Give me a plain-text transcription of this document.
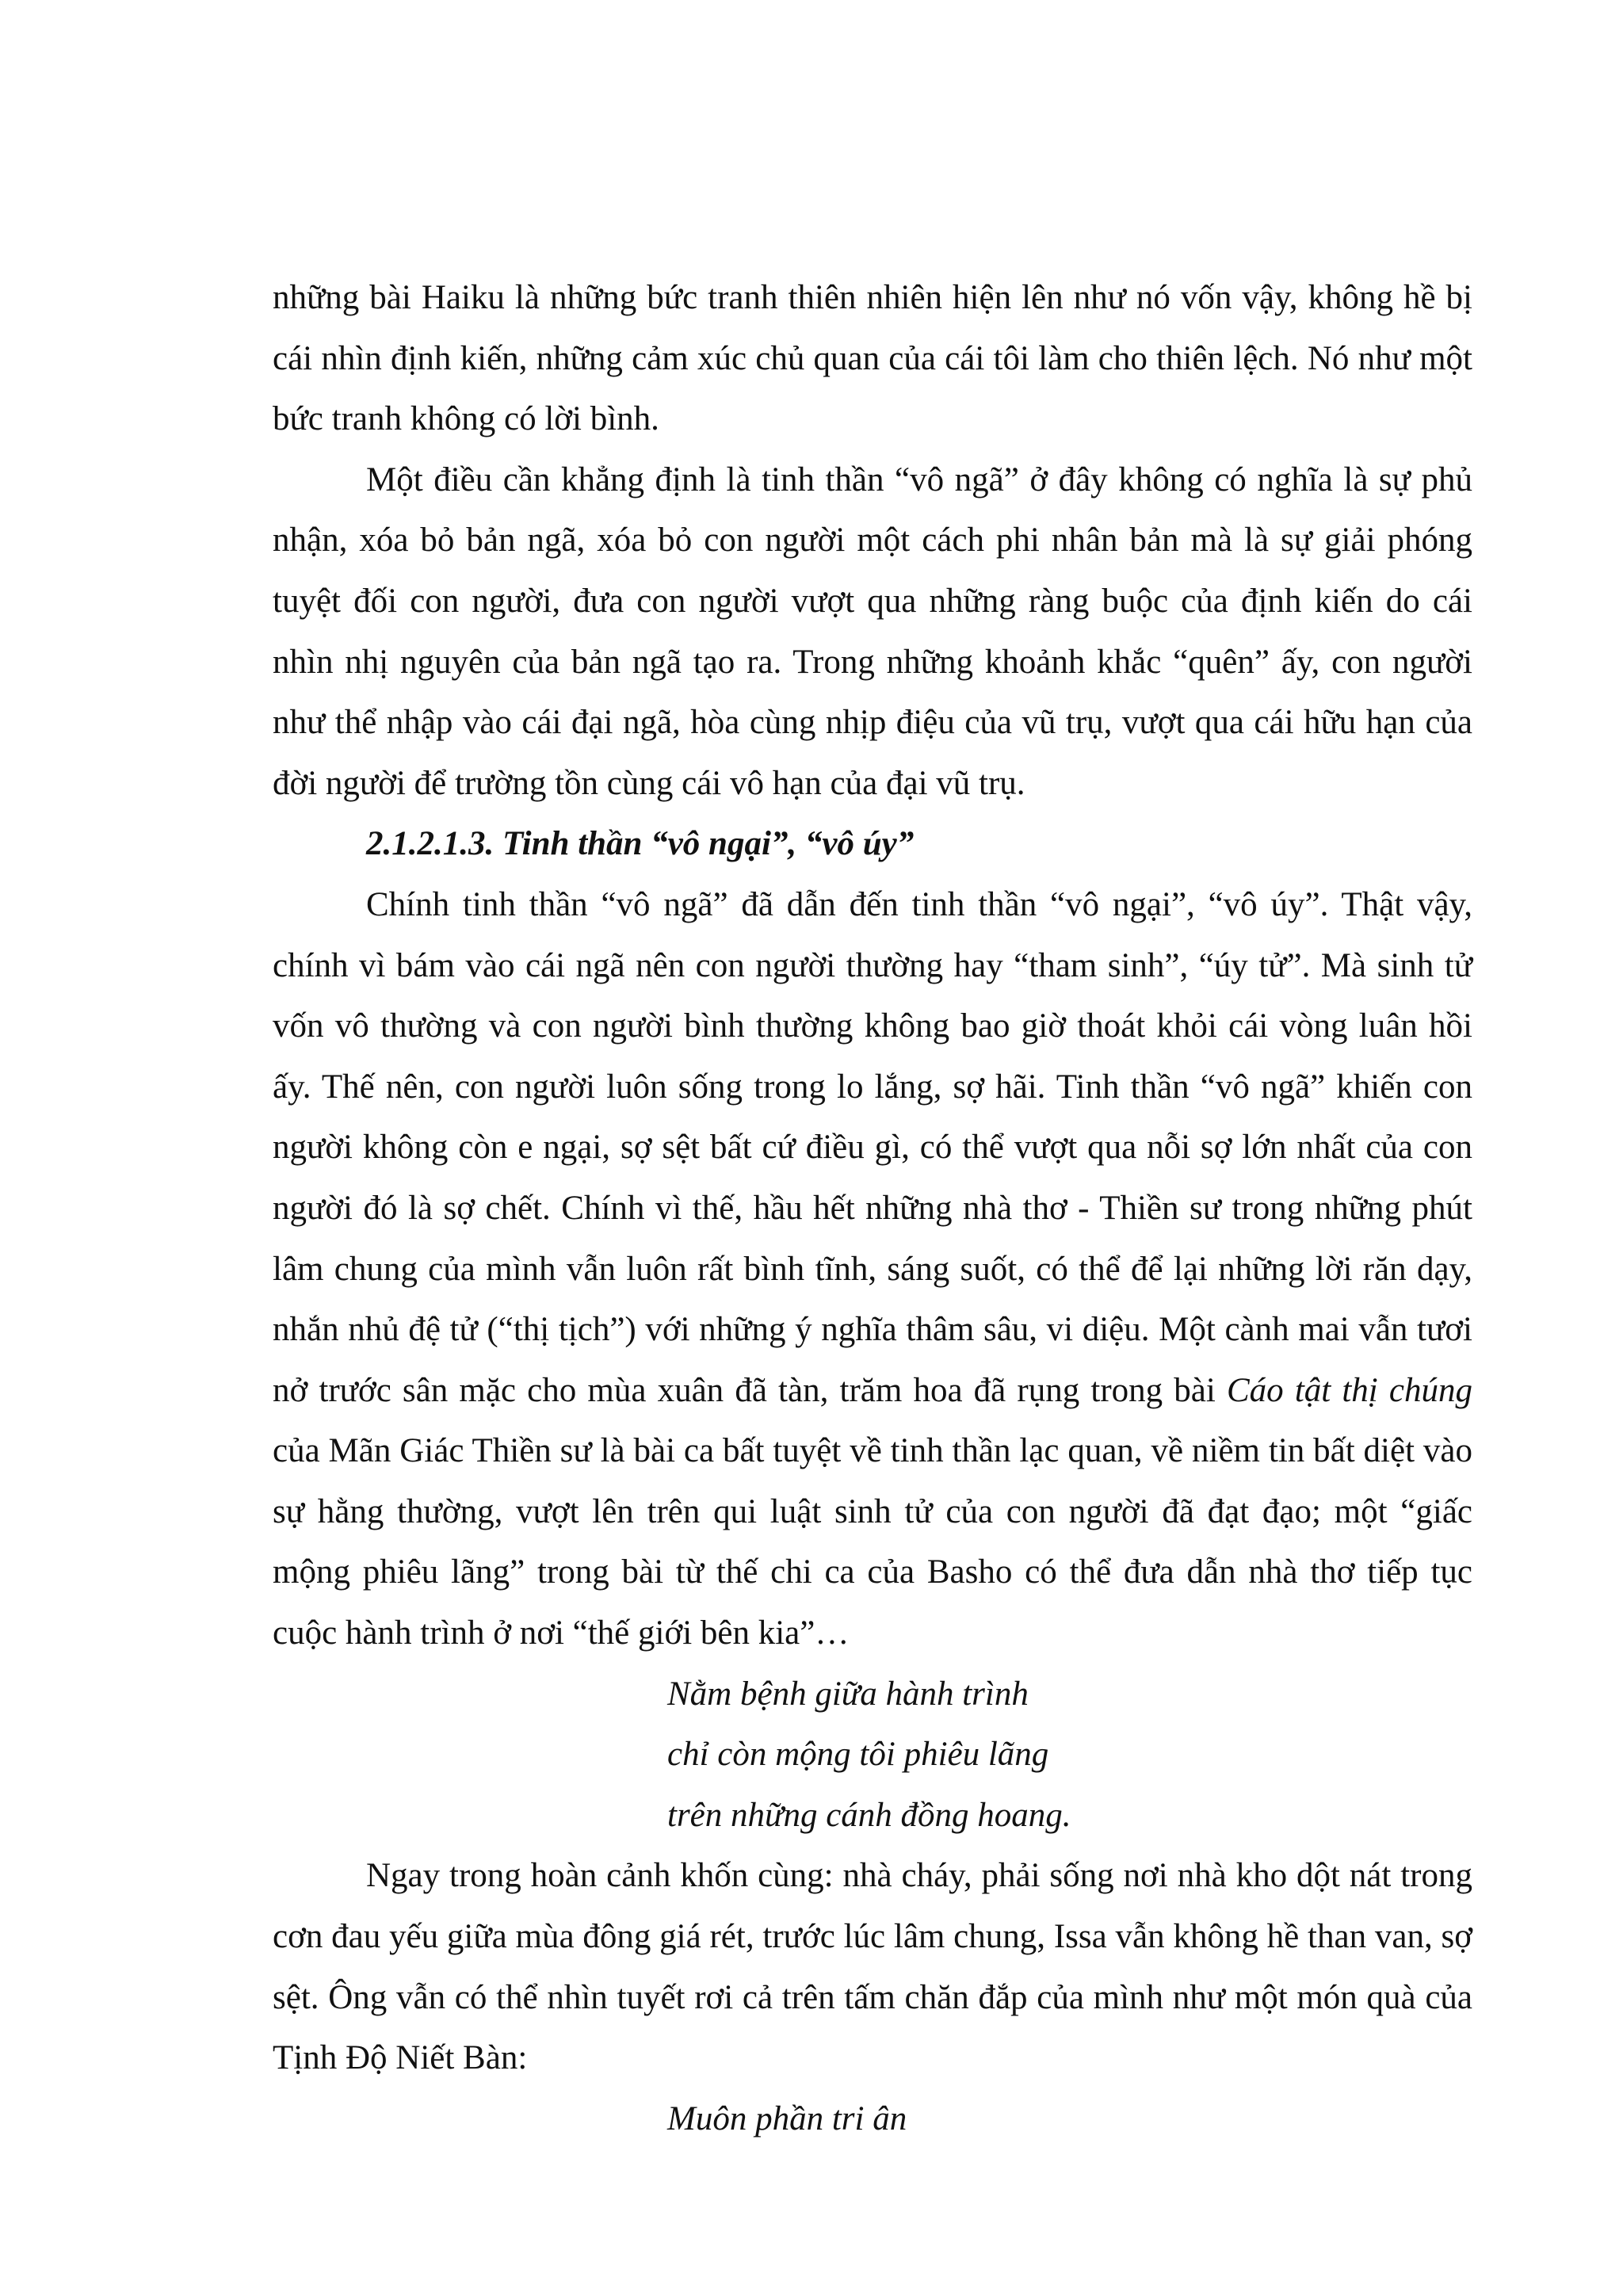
những bài Haiku là những bức tranh thiên nhiên hiện lên như nó vốn vậy, không hề bị cái nhìn định kiến, những cảm xúc chủ quan của cái tôi làm cho thiên lệch. Nó như một bức tranh không có lời bình.

Một điều cần khẳng định là tinh thần “vô ngã” ở đây không có nghĩa là sự phủ nhận, xóa bỏ bản ngã, xóa bỏ con người một cách phi nhân bản mà là sự giải phóng tuyệt đối con người, đưa con người vượt qua những ràng buộc của định kiến do cái nhìn nhị nguyên của bản ngã tạo ra. Trong những khoảnh khắc “quên” ấy, con người như thể nhập vào cái đại ngã, hòa cùng nhịp điệu của vũ trụ, vượt qua cái hữu hạn của đời người để trường tồn cùng cái vô hạn của đại vũ trụ.

2.1.2.1.3. Tinh thần “vô ngại”, “vô úy”

Chính tinh thần “vô ngã” đã dẫn đến tinh thần “vô ngại”, “vô úy”. Thật vậy, chính vì bám vào cái ngã nên con người thường hay “tham sinh”, “úy tử”. Mà sinh tử vốn vô thường và con người bình thường không bao giờ thoát khỏi cái vòng luân hồi ấy. Thế nên, con người luôn sống trong lo lắng, sợ hãi. Tinh thần “vô ngã” khiến con người không còn e ngại, sợ sệt bất cứ điều gì, có thể vượt qua nỗi sợ lớn nhất của con người đó là sợ chết. Chính vì thế, hầu hết những nhà thơ - Thiền sư trong những phút lâm chung của mình vẫn luôn rất bình tĩnh, sáng suốt, có thể để lại những lời răn dạy, nhắn nhủ đệ tử (“thị tịch”) với những ý nghĩa thâm sâu, vi diệu. Một cành mai vẫn tươi nở trước sân mặc cho mùa xuân đã tàn, trăm hoa đã rụng trong bài Cáo tật thị chúng của Mãn Giác Thiền sư là bài ca bất tuyệt về tinh thần lạc quan, về niềm tin bất diệt vào sự hằng thường, vượt lên trên qui luật sinh tử của con người đã đạt đạo; một “giấc mộng phiêu lãng” trong bài từ thế chi ca của Basho có thể đưa dẫn nhà thơ tiếp tục cuộc hành trình ở nơi “thế giới bên kia”…

Nằm bệnh giữa hành trình
chỉ còn mộng tôi phiêu lãng
trên những cánh đồng hoang.

Ngay trong hoàn cảnh khốn cùng: nhà cháy, phải sống nơi nhà kho dột nát trong cơn đau yếu giữa mùa đông giá rét, trước lúc lâm chung, Issa vẫn không hề than van, sợ sệt. Ông vẫn có thể nhìn tuyết rơi cả trên tấm chăn đắp của mình như một món quà của Tịnh Độ Niết Bàn:

Muôn phần tri ân
